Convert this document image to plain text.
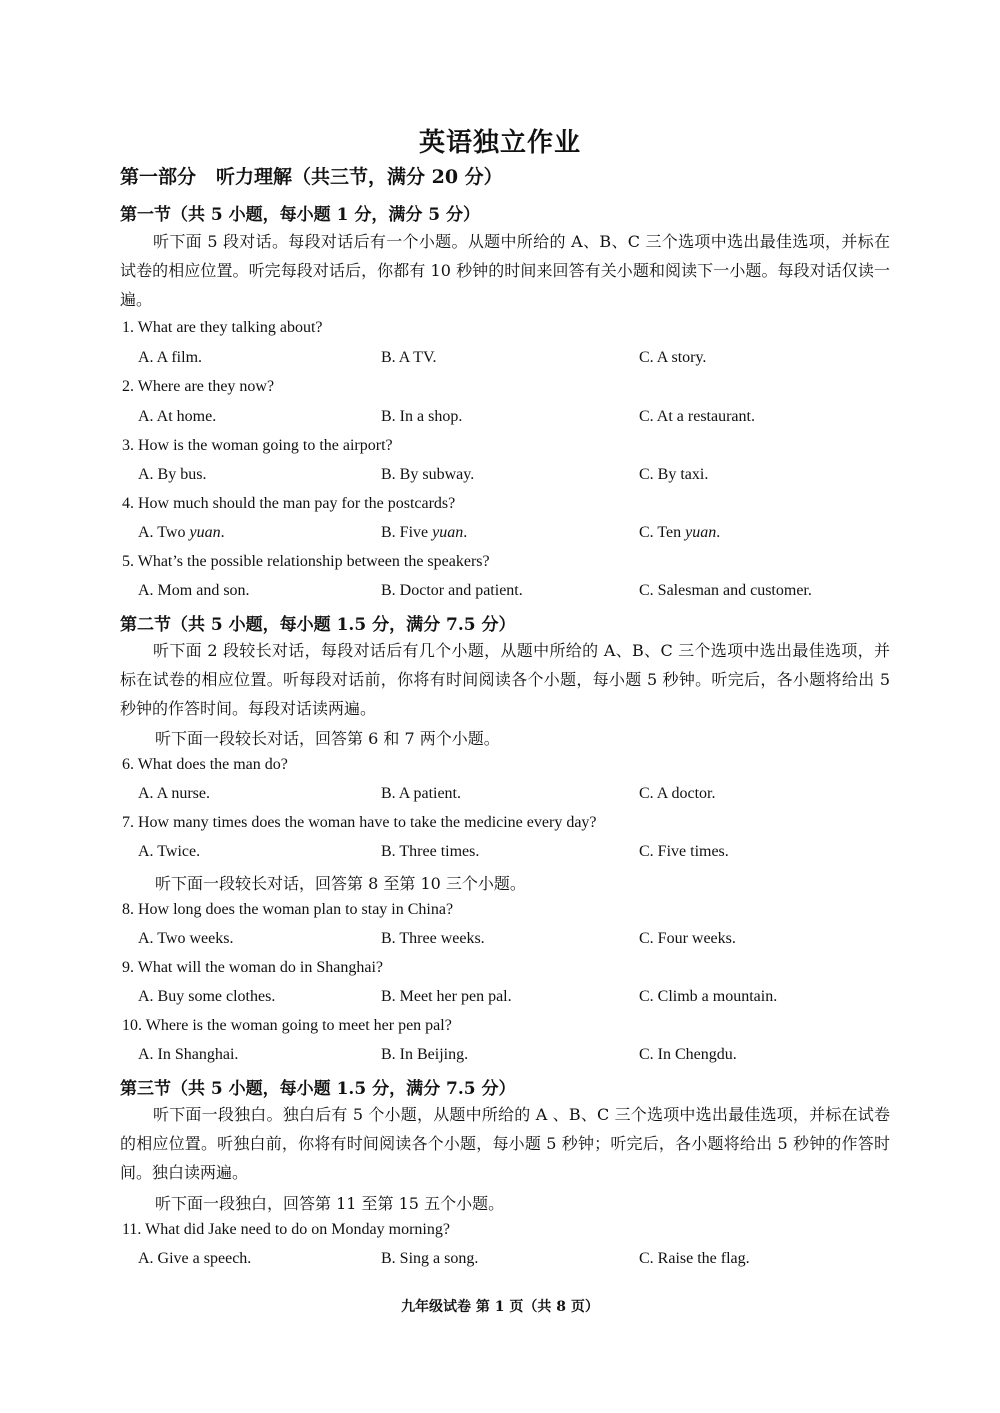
英语独立作业
第一部分 听力理解（共三节，满分 20 分）
第一节（共 5 小题，每小题 1 分，满分 5 分）
听下面 5 段对话。每段对话后有一个小题。从题中所给的 A、B、C 三个选项中选出最佳选项，并标在试卷的相应位置。听完每段对话后，你都有 10 秒钟的时间来回答有关小题和阅读下一小题。每段对话仅读一遍。
1. What are they talking about?
A. A film.	B. A TV.	C. A story.
2. Where are they now?
A. At home.	B. In a shop.	C. At a restaurant.
3. How is the woman going to the airport?
A. By bus.	B. By subway.	C. By taxi.
4. How much should the man pay for the postcards?
A. Two yuan.	B. Five yuan.	C. Ten yuan.
5. What’s the possible relationship between the speakers?
A. Mom and son.	B. Doctor and patient.	C. Salesman and customer.
第二节（共 5 小题，每小题 1.5 分，满分 7.5 分）
听下面 2 段较长对话，每段对话后有几个小题，从题中所给的 A、B、C 三个选项中选出最佳选项，并标在试卷的相应位置。听每段对话前，你将有时间阅读各个小题，每小题 5 秒钟。听完后，各小题将给出 5 秒钟的作答时间。每段对话读两遍。
听下面一段较长对话，回答第 6 和 7 两个小题。
6. What does the man do?
A. A nurse.	B. A patient.	C. A doctor.
7. How many times does the woman have to take the medicine every day?
A. Twice.	B. Three times.	C. Five times.
听下面一段较长对话，回答第 8 至第 10 三个小题。
8. How long does the woman plan to stay in China?
A. Two weeks.	B. Three weeks.	C. Four weeks.
9. What will the woman do in Shanghai?
A. Buy some clothes.	B. Meet her pen pal.	C. Climb a mountain.
10. Where is the woman going to meet her pen pal?
A. In Shanghai.	B. In Beijing.	C. In Chengdu.
第三节（共 5 小题，每小题 1.5 分，满分 7.5 分）
听下面一段独白。独白后有 5 个小题，从题中所给的 A 、B、C 三个选项中选出最佳选项，并标在试卷的相应位置。听独白前，你将有时间阅读各个小题，每小题 5 秒钟；听完后，各小题将给出 5 秒钟的作答时间。独白读两遍。
听下面一段独白，回答第 11 至第 15 五个小题。
11. What did Jake need to do on Monday morning?
A. Give a speech.	B. Sing a song.	C. Raise the flag.
九年级试卷 第 1 页（共 8 页）
